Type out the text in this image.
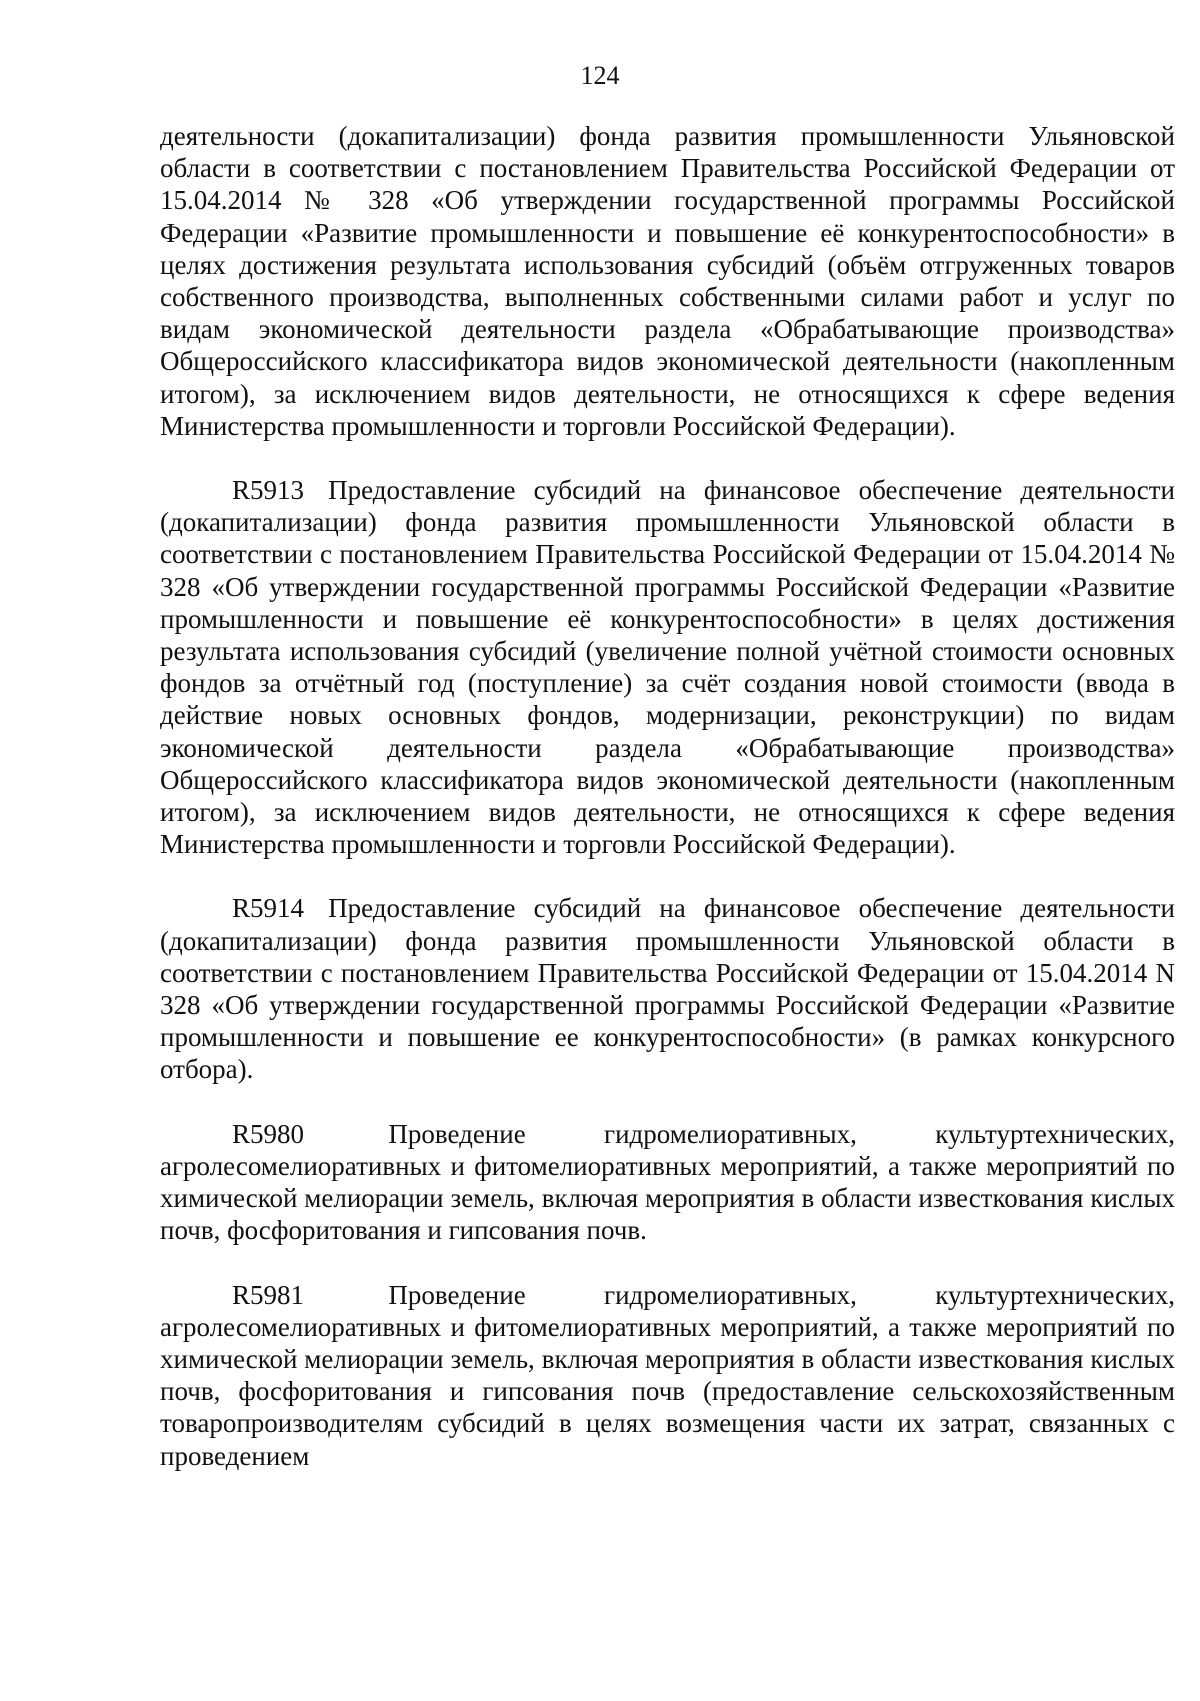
124

деятельности (докапитализации) фонда развития промышленности Ульяновской области в соответствии с постановлением Правительства Российской Федерации от 15.04.2014 № 328 «Об утверждении государственной программы Российской Федерации «Развитие промышленности и повышение её конкурентоспособности» в целях достижения результата использования субсидий (объём отгруженных товаров собственного производства, выполненных собственными силами работ и услуг по видам экономической деятельности раздела «Обрабатывающие производства» Общероссийского классификатора видов экономической деятельности (накопленным итогом), за исключением видов деятельности, не относящихся к сфере ведения Министерства промышленности и торговли Российской Федерации).

R5913 Предоставление субсидий на финансовое обеспечение деятельности (докапитализации) фонда развития промышленности Ульяновской области в соответствии с постановлением Правительства Российской Федерации от 15.04.2014 № 328 «Об утверждении государственной программы Российской Федерации «Развитие промышленности и повышение её конкурентоспособности» в целях достижения результата использования субсидий (увеличение полной учётной стоимости основных фондов за отчётный год (поступление) за счёт создания новой стоимости (ввода в действие новых основных фондов, модернизации, реконструкции) по видам экономической деятельности раздела «Обрабатывающие производства» Общероссийского классификатора видов экономической деятельности (накопленным итогом), за исключением видов деятельности, не относящихся к сфере ведения Министерства промышленности и торговли Российской Федерации).

R5914 Предоставление субсидий на финансовое обеспечение деятельности (докапитализации) фонда развития промышленности Ульяновской области в соответствии с постановлением Правительства Российской Федерации от 15.04.2014 N 328 «Об утверждении государственной программы Российской Федерации «Развитие промышленности и повышение ее конкурентоспособности» (в рамках конкурсного отбора).

R5980	Проведение гидромелиоративных, культуртехнических, агролесомелиоративных и фитомелиоративных мероприятий, а также мероприятий по химической мелиорации земель, включая мероприятия в области известкования кислых почв, фосфоритования и гипсования почв.

R5981	Проведение гидромелиоративных, культуртехнических, агролесомелиоративных и фитомелиоративных мероприятий, а также мероприятий по химической мелиорации земель, включая мероприятия в области известкования кислых почв, фосфоритования и гипсования почв (предоставление сельскохозяйственным товаропроизводителям субсидий в целях возмещения части их затрат, связанных с проведением
